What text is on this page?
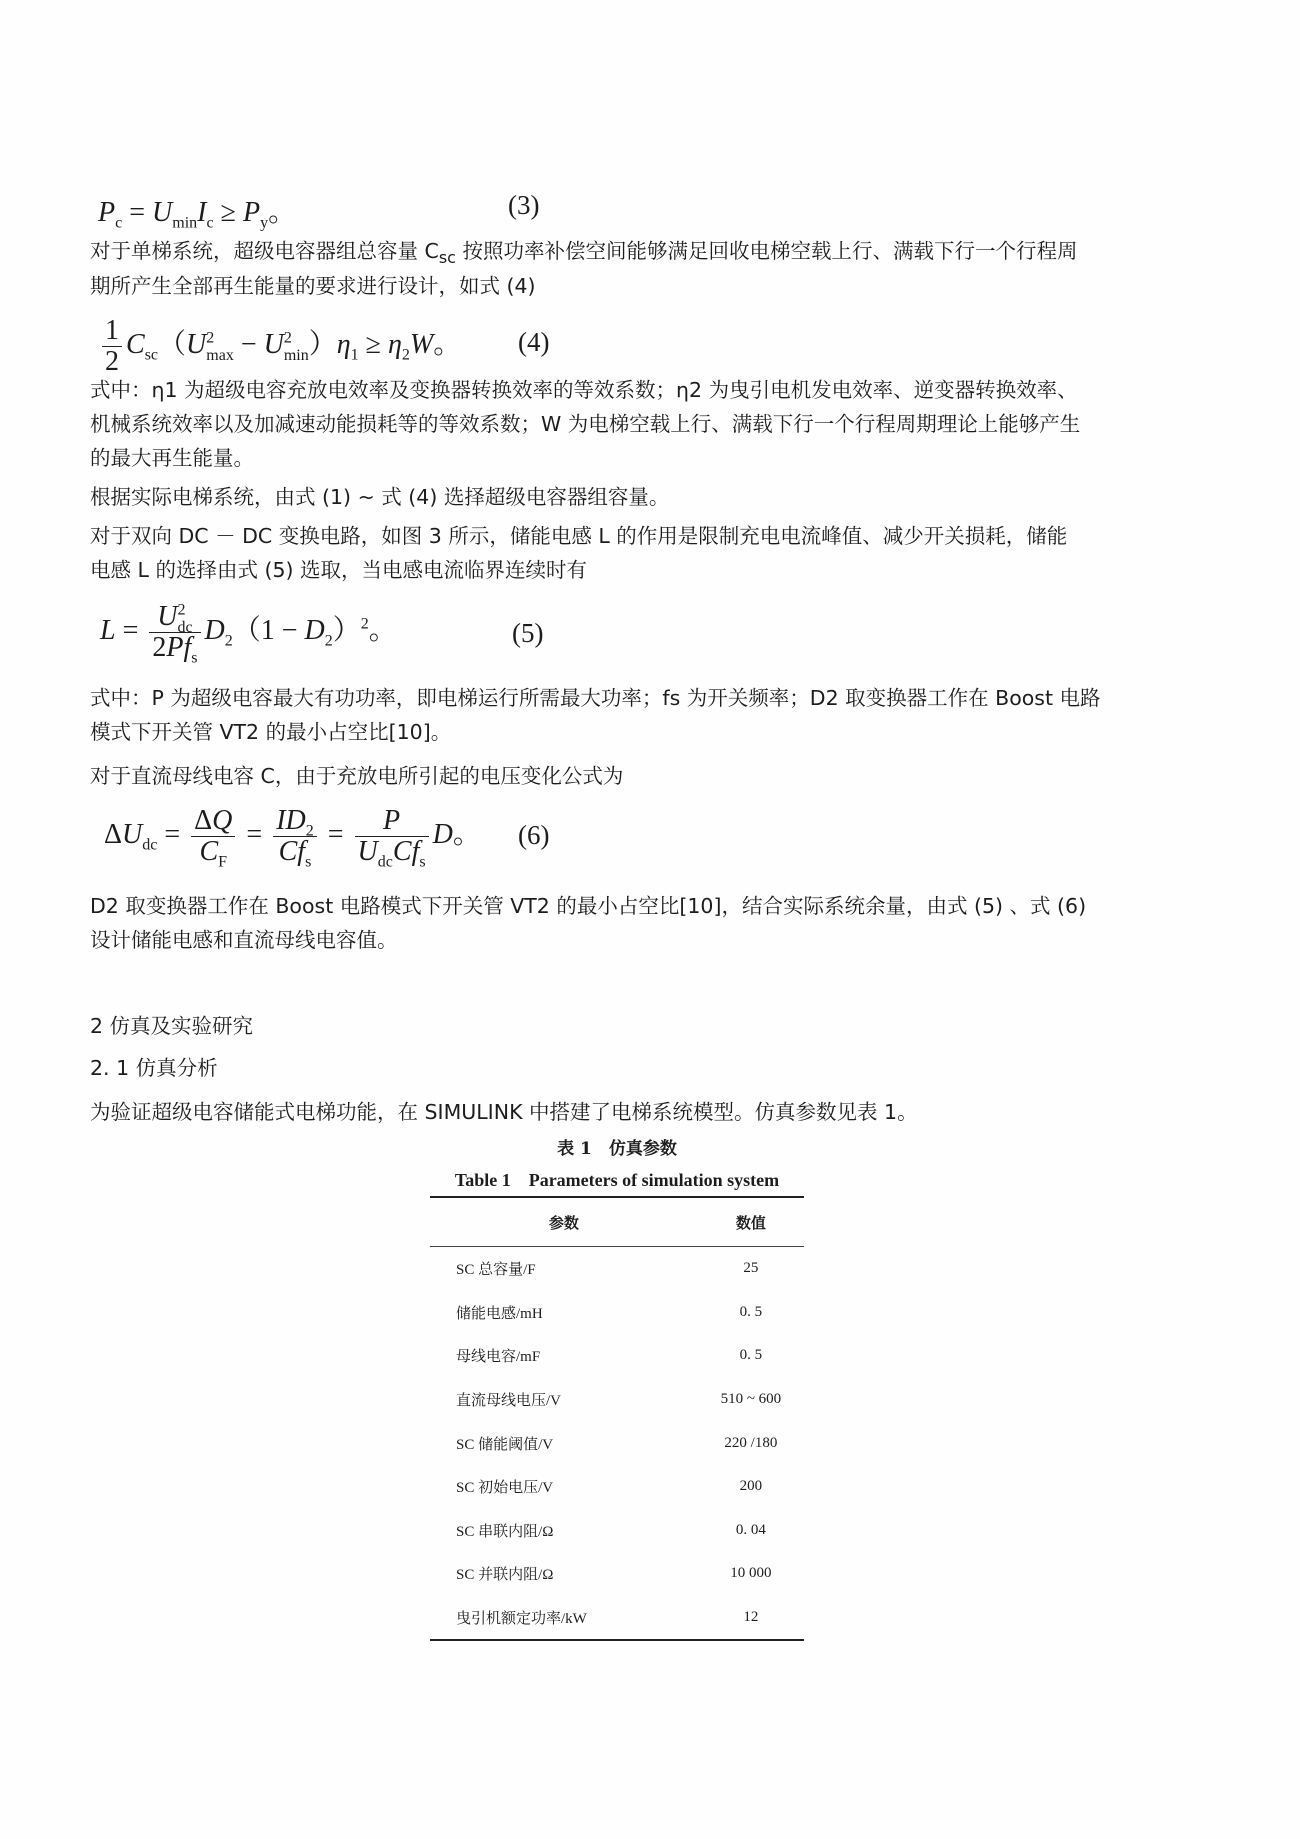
$P_c = U_{min}I_c \ge P_y$。	(3)
对于单梯系统，超级电容器组总容量 $C_{sc}$ 按照功率补偿空间能够满足回收电梯空载上行、满载下行一个行程周
期所产生全部再生能量的要求进行设计，如式 (4)
$\frac{1}{2} C_{sc}(U^2_{max} - U^2_{min})\eta_1 \ge \eta_2W$。 (4)
式中：η1 为超级电容充放电效率及变换器转换效率的等效系数；η2 为曳引电机发电效率、逆变器转换效率、
机械系统效率以及加减速动能损耗等的等效系数；W 为电梯空载上行、满载下行一个行程周期理论上能够产生
的最大再生能量。
根据实际电梯系统，由式 (1) ~ 式 (4) 选择超级电容器组容量。
对于双向 DC － DC 变换电路，如图 3 所示，储能电感 L 的作用是限制充电电流峰值、减少开关损耗，储能
电感 L 的选择由式 (5) 选取，当电感电流临界连续时有
$L = \frac{U^2_{dc}}{2Pf_s} D_2(1 - D_2)^2$。	(5)
式中：P 为超级电容最大有功功率，即电梯运行所需最大功率；fs 为开关频率；D2 取变换器工作在 Boost 电路
模式下开关管 VT2 的最小占空比[10]。
对于直流母线电容 C，由于充放电所引起的电压变化公式为
$\Delta U_{dc} = \frac{\Delta Q}{C_F} = \frac{ID_2}{Cf_s} = \frac{P}{U_{dc}Cf_s}$ D。 (6)
D2 取变换器工作在 Boost 电路模式下开关管 VT2 的最小占空比[10]，结合实际系统余量，由式 (5) 、式 (6)
设计储能电感和直流母线电容值。
2 仿真及实验研究
2. 1 仿真分析
为验证超级电容储能式电梯功能，在 SIMULINK 中搭建了电梯系统模型。仿真参数见表 1。
表 1　仿真参数
Table 1　Parameters of simulation system
参数	数值
SC 总容量/F	25
储能电感/mH	0. 5
母线电容/mF	0. 5
直流母线电压/V	510 ~ 600
SC 储能阈值/V	220 /180
SC 初始电压/V	200
SC 串联内阻/Ω	0. 04
SC 并联内阻/Ω	10 000
曳引机额定功率/kW	12
